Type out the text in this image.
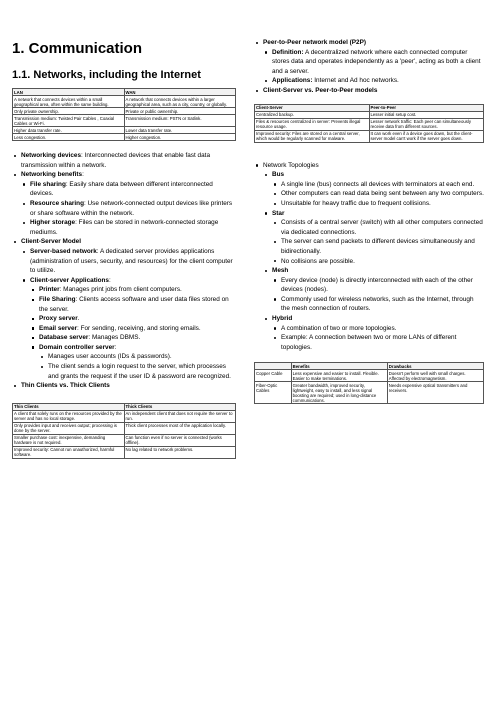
1. Communication
1.1. Networks, including the Internet
LAN	WAN
A network that connects devices within a small geographical area, often within the same building.	A network that connects devices within a larger geographical area, such as a city, country, or globally.
Only private ownership.	Private or public ownership.
Transmission medium: Twisted Pair Cables , Coaxial Cables or Wi-Fi.	Transmission medium: PSTN or Satlink.
Higher data transfer rate.	Lower data transfer rate.
Less congestion.	Higher congestion.
Networking devices: Interconnected devices that enable fast data transmission within a network.
Networking benefits:
File sharing: Easily share data between different interconnected devices.
Resource sharing: Use network-connected output devices like printers or share software within the network.
Higher storage: Files can be stored in network-connected storage mediums.
Client-Server Model
Server-based network: A dedicated server provides applications (administration of users, security, and resources) for the client computer to utilize.
Client-server Applications:
Printer: Manages print jobs from client computers.
File Sharing: Clients access software and user data files stored on the server.
Proxy server.
Email server: For sending, receiving, and storing emails.
Database server: Manages DBMS.
Domain controller server:
Manages user accounts (IDs & passwords).
The client sends a login request to the server, which processes and grants the request if the user ID & password are recognized.
Thin Clients vs. Thick Clients
Thin Clients	Thick Clients
A client that solely runs on the resources provided by the server and has no local storage.	An independent client that does not require the server to run.
Only provides input and receives output; processing is done by the server.	Thick client processes most of the application locally.
Smaller purchase cost: inexpensive, demanding hardware is not required.	Can function even if no server is connected (works offline).
Improved security: Cannot run unauthorized, harmful software.	No lag related to network problems.
Peer-to-Peer network model (P2P)
Definition: A decentralized network where each connected computer stores data and operates independently as a 'peer', acting as both a client and a server.
Applications: Internet and Ad hoc networks.
Client-Server vs. Peer-to-Peer models
Client-Server	Peer-to-Peer
Centralized backup.	Lesser initial setup cost.
Files & resources centralized in server: Prevents illegal resource usage.	Lesser network traffic: Each peer can simultaneously receive data from different sources.
Improved security: Files are stored on a central server, which would be regularly scanned for malware.	It can work even if a device goes down, but the client-server model can't work if the server goes down.
Network Topologies
Bus
A single line (bus) connects all devices with terminators at each end.
Other computers can read data being sent between any two computers.
Unsuitable for heavy traffic due to frequent collisions.
Star
Consists of a central server (switch) with all other computers connected via dedicated connections.
The server can send packets to different devices simultaneously and bidirectionally.
No collisions are possible.
Mesh
Every device (node) is directly interconnected with each of the other devices (nodes).
Commonly used for wireless networks, such as the Internet, through the mesh connection of routers.
Hybrid
A combination of two or more topologies.
Example: A connection between two or more LANs of different topologies.
	Benefits	Drawbacks
Copper Cable	Less expensive and easier to install. Flexible. Easier to make terminations.	Doesn't perform well with small charges. Affected by electromagnetism.
Fiber-Optic Cables	Greater bandwidth, improved security, lightweight, easy to install, and less signal boosting are required; used in long-distance communications.	Needs expensive optical transmitters and receivers.
